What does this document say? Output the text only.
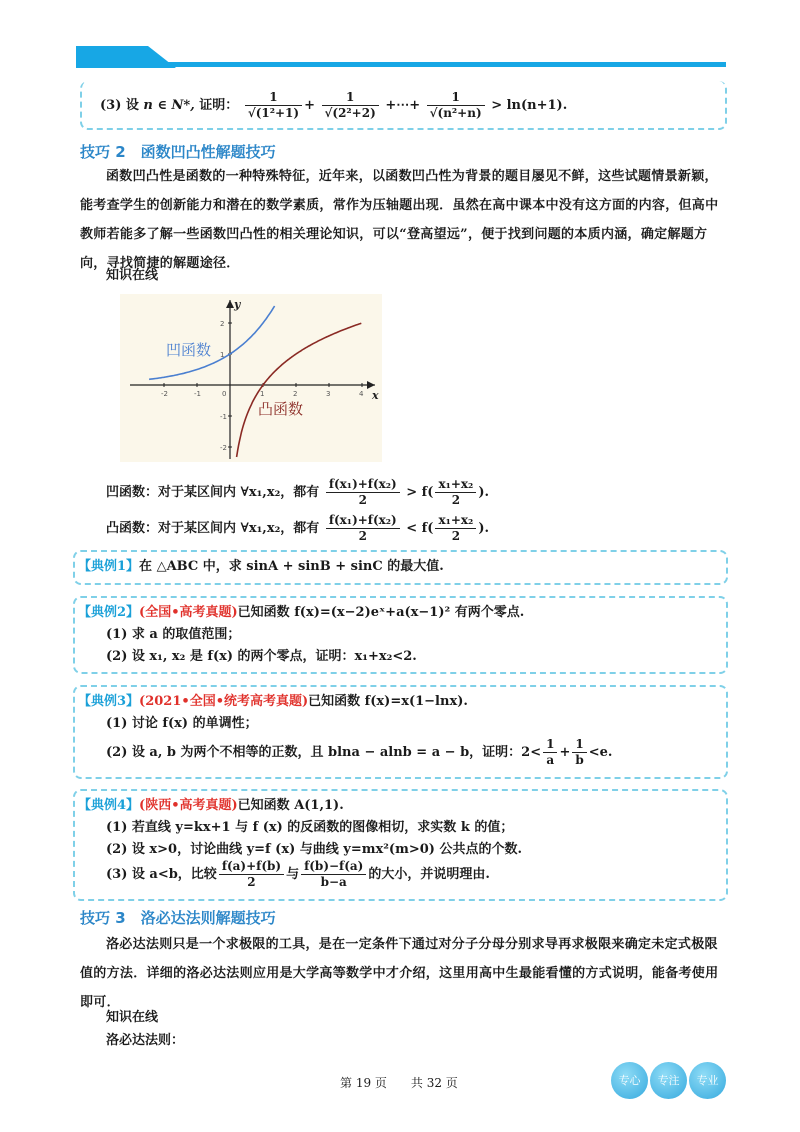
(3) 设 n ∈ N*, 证明： $\frac{1}{\text{√(1²+1)}} + \frac{1}{\text{√(2²+2)}}$ +⋯+ $\frac{1}{\text{√(n²+n)}} > \ln(n+1)$.
技巧 2　函数凹凸性解题技巧
函数凹凸性是函数的一种特殊特征，近年来，以函数凹凸性为背景的题目屡见不鲜，这些试题情景新颖，能考查学生的创新能力和潜在的数学素质，常作为压轴题出现．虽然在高中课本中没有这方面的内容，但高中教师若能多了解一些函数凹凸性的相关理论知识，可以“登高望远”，便于找到问题的本质内涵，确定解题方向，寻找简捷的解题途径．
知识在线
x
y
-2	-1	0	1	2	3	4
2
1
-1
-2
凹函数
凸函数
凹函数：对于某区间内 ∀x₁,x₂，都有 $\frac{\text{f(x₁)+f(x₂)}}{2} > f( \frac{\text{x₁+x₂}}{2}$ ).
凸函数：对于某区间内 ∀x₁,x₂，都有 $\frac{\text{f(x₁)+f(x₂)}}{2} < f( \frac{\text{x₁+x₂}}{2}$ ).
【典例1】在 △ABC 中，求 sinA + sinB + sinC 的最大值.
【典例2】(全国•高考真题)已知函数 f(x)=(x−2)eˣ+a(x−1)² 有两个零点.
(1) 求 a 的取值范围；
(2) 设 x₁, x₂ 是 f(x) 的两个零点，证明：x₁+x₂<2.
【典例3】(2021•全国•统考高考真题)已知函数 f(x)=x(1−lnx).
(1) 讨论 f(x) 的单调性；
(2) 设 a, b 为两个不相等的正数，且 blna − alnb = a − b，证明：$2< \frac{1}{a} + \frac{1}{b} <e$.
【典例4】(陕西•高考真题)已知函数 A(1,1).
(1) 若直线 y=kx+1 与 f (x) 的反函数的图像相切，求实数 k 的值；
(2) 设 x>0，讨论曲线 y=f (x) 与曲线 y=mx²(m>0) 公共点的个数.
(3) 设 a<b，比较 $\frac{f(a)+f(b)}{2}$ 与 $\frac{f(b)-f(a)}{b-a}$ 的大小，并说明理由.
技巧 3　洛必达法则解题技巧
洛必达法则只是一个求极限的工具，是在一定条件下通过对分子分母分别求导再求极限来确定未定式极限值的方法．详细的洛必达法则应用是大学高等数学中才介绍，这里用高中生最能看懂的方式说明，能备考使用即可．
知识在线
洛必达法则：
第 19 页　　共 32 页	专心	专注	专业
